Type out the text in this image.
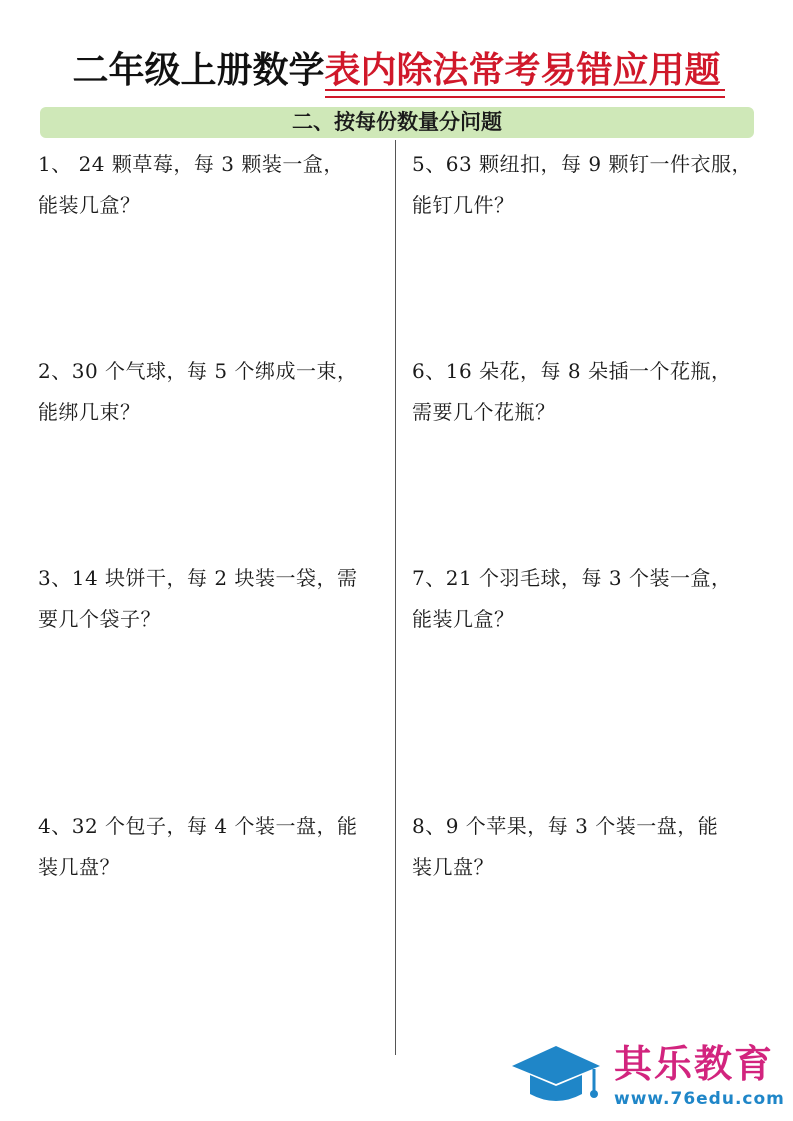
二年级上册数学表内除法常考易错应用题
二、按每份数量分问题
1、 24 颗草莓，每 3 颗装一盒，
能装几盒？
2、30 个气球，每 5 个绑成一束，
能绑几束？
3、14 块饼干，每 2 块装一袋，需
要几个袋子？
4、32 个包子，每 4 个装一盘，能
装几盘？
5、63 颗纽扣，每 9 颗钉一件衣服，
能钉几件？
6、16 朵花，每 8 朵插一个花瓶，
需要几个花瓶？
7、21 个羽毛球，每 3 个装一盒，
能装几盒？
8、9 个苹果，每 3 个装一盘，能
装几盘？
其乐教育
www.76edu.com
